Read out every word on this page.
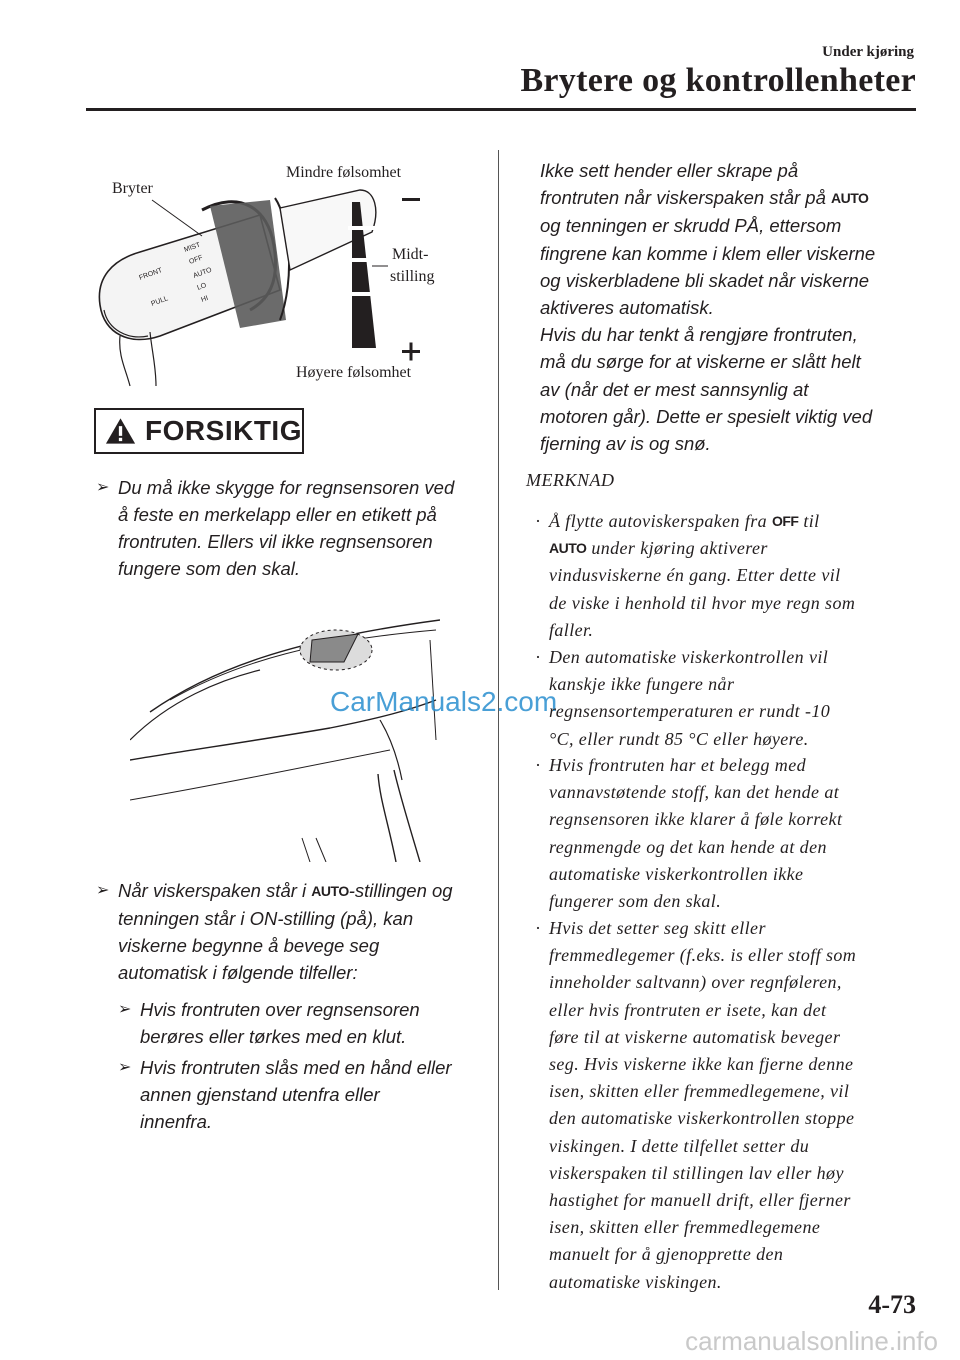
Under kjøring
Brytere og kontrollenheter
FRONT
MIST
OFF
AUTO
LO
HI
PULL
Bryter
Mindre følsomhet
Midt-
stilling
Høyere følsomhet
FORSIKTIG
➢ Du må ikke skygge for regnsensoren ved
å feste en merkelapp eller en etikett på
frontruten. Ellers vil ikke regnsensoren
fungere som den skal.
CarManuals2.com
➢ Når viskerspaken står i AUTO-stillingen og
tenningen står i ON-stilling (på), kan
viskerne begynne å bevege seg
automatisk i følgende tilfeller:
➢ Hvis frontruten over regnsensoren
berøres eller tørkes med en klut.
➢ Hvis frontruten slås med en hånd eller
annen gjenstand utenfra eller
innenfra.
Ikke sett hender eller skrape på
frontruten når viskerspaken står på AUTO
og tenningen er skrudd PÅ, ettersom
fingrene kan komme i klem eller viskerne
og viskerbladene bli skadet når viskerne
aktiveres automatisk.
Hvis du har tenkt å rengjøre frontruten,
må du sørge for at viskerne er slått helt
av (når det er mest sannsynlig at
motoren går). Dette er spesielt viktig ved
fjerning av is og snø.
MERKNAD
· Å flytte autoviskerspaken fra OFF til
AUTO under kjøring aktiverer
vindusviskerne én gang. Etter dette vil
de viske i henhold til hvor mye regn som
faller.
· Den automatiske viskerkontrollen vil
kanskje ikke fungere når
regnsensortemperaturen er rundt -10
°C, eller rundt 85 °C eller høyere.
· Hvis frontruten har et belegg med
vannavstøtende stoff, kan det hende at
regnsensoren ikke klarer å føle korrekt
regnmengde og det kan hende at den
automatiske viskerkontrollen ikke
fungerer som den skal.
· Hvis det setter seg skitt eller
fremmedlegemer (f.eks. is eller stoff som
inneholder saltvann) over regnføleren,
eller hvis frontruten er isete, kan det
føre til at viskerne automatisk beveger
seg. Hvis viskerne ikke kan fjerne denne
isen, skitten eller fremmedlegemene, vil
den automatiske viskerkontrollen stoppe
viskingen. I dette tilfellet setter du
viskerspaken til stillingen lav eller høy
hastighet for manuell drift, eller fjerner
isen, skitten eller fremmedlegemene
manuelt for å gjenopprette den
automatiske viskingen.
4-73
carmanualsonline.info
